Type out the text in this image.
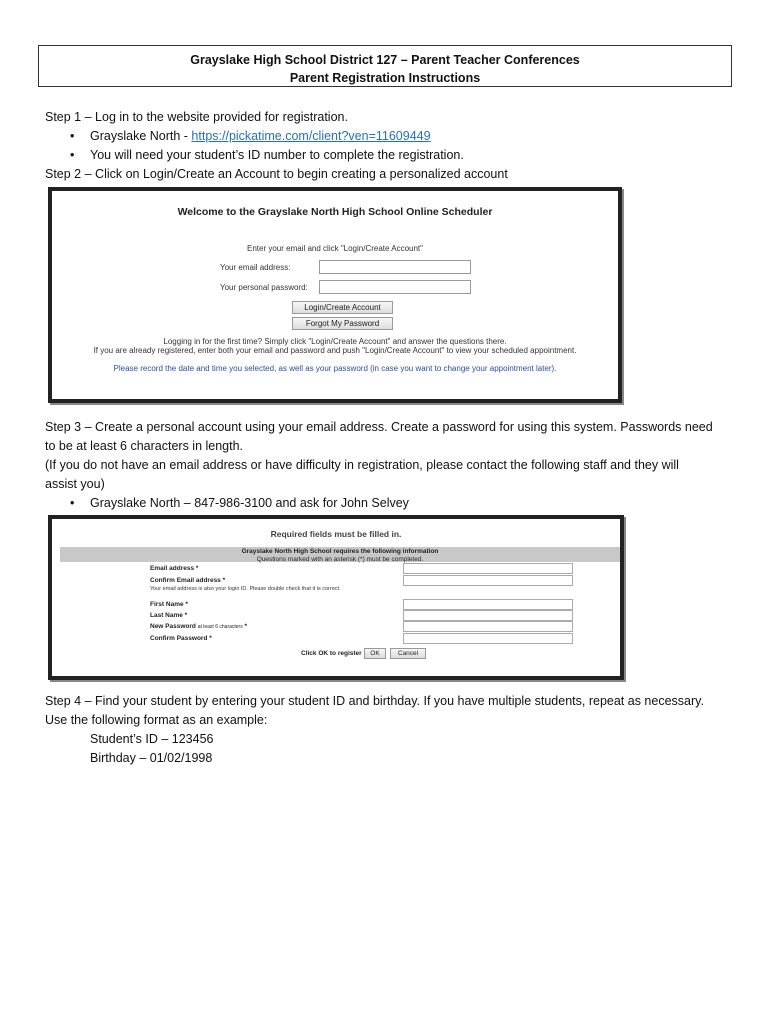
Grayslake High School District 127 – Parent Teacher Conferences
Parent Registration Instructions
Step 1 – Log in to the website provided for registration.
• Grayslake North - https://pickatime.com/client?ven=11609449
• You will need your student’s ID number to complete the registration.
Step 2 – Click on Login/Create an Account to begin creating a personalized account
Welcome to the Grayslake North High School Online Scheduler
Enter your email and click "Login/Create Account"
Your email address:
Your personal password:
Login/Create Account
Forgot My Password
Logging in for the first time? Simply click "Login/Create Account" and answer the questions there.
If you are already registered, enter both your email and password and push "Login/Create Account" to view your scheduled appointment.
Please record the date and time you selected, as well as your password (in case you want to change your appointment later).
Step 3 – Create a personal account using your email address. Create a password for using this system. Passwords need
to be at least 6 characters in length.
(If you do not have an email address or have difficulty in registration, please contact the following staff and they will
assist you)
• Grayslake North – 847-986-3100 and ask for John Selvey
Required fields must be filled in.
Grayslake North High School requires the following information
Questions marked with an asterisk (*) must be completed.
Email address *
Confirm Email address *
Your email address is also your login ID. Please double check that it is correct.
First Name *
Last Name *
New Password at least 6 characters *
Confirm Password *
Click OK to register	OK	Cancel
Step 4 – Find your student by entering your student ID and birthday. If you have multiple students, repeat as necessary.
Use the following format as an example:
Student’s ID – 123456
Birthday – 01/02/1998
